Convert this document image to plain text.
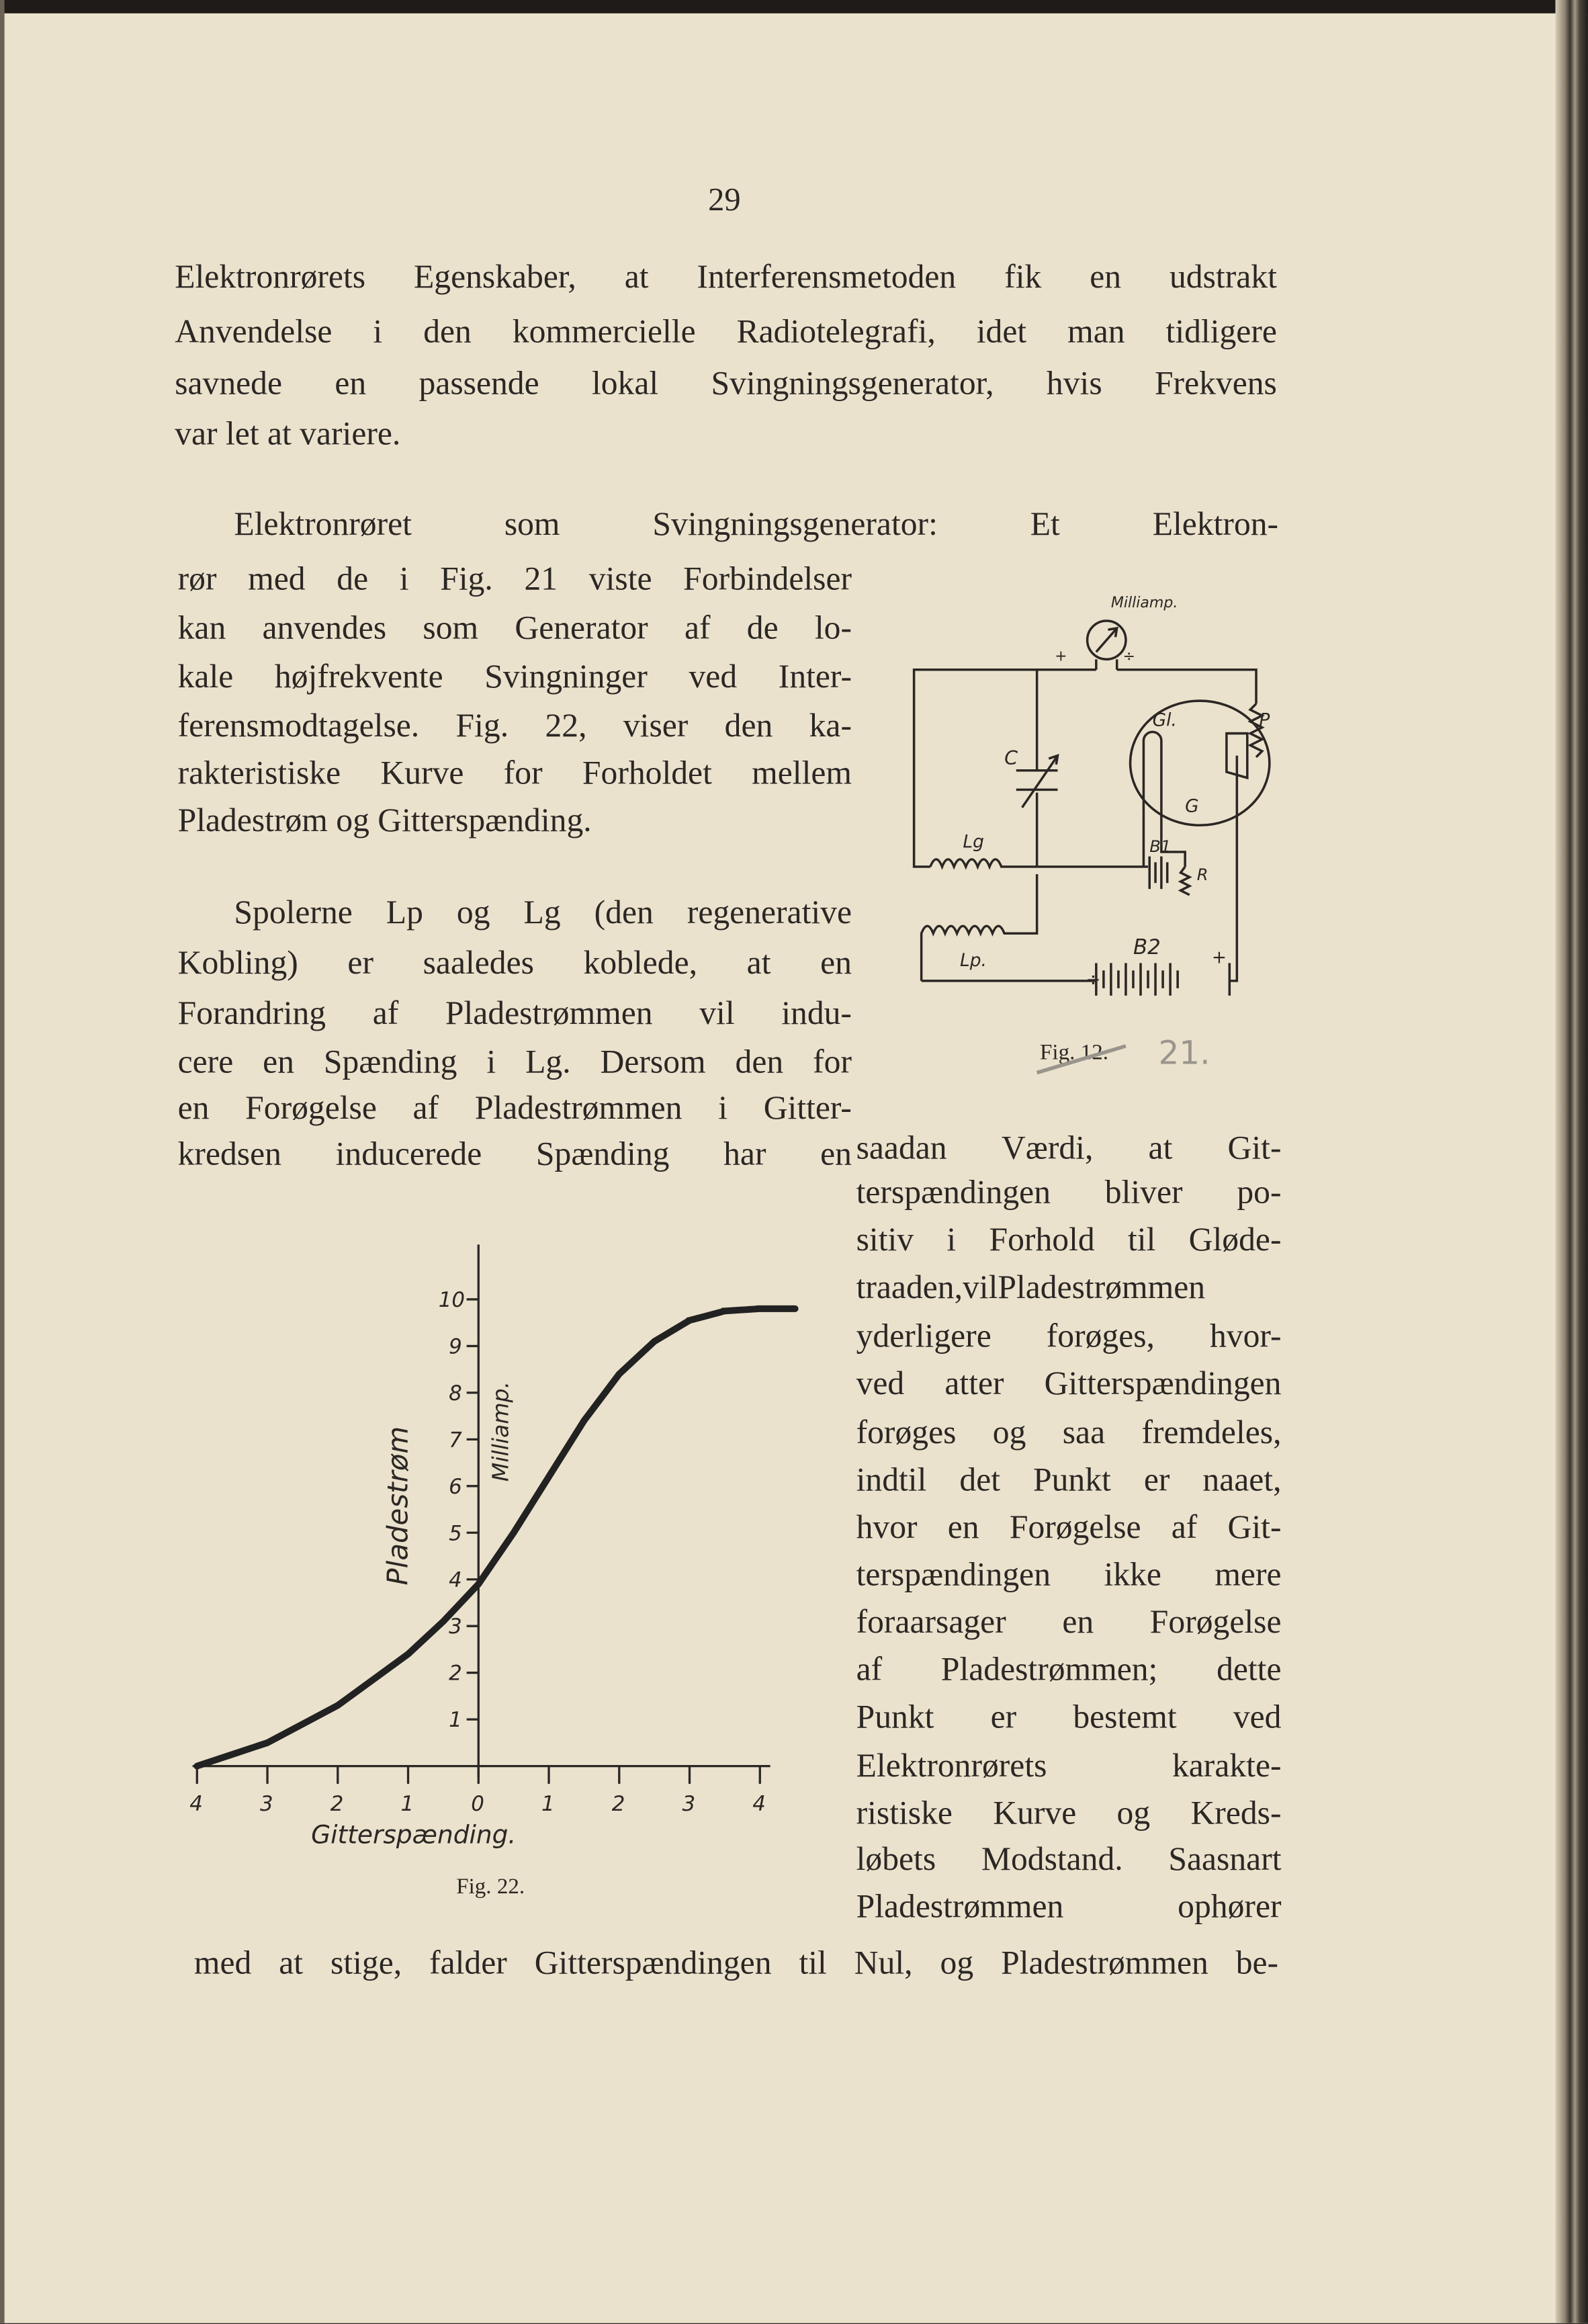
29
Elektronrørets Egenskaber, at Interferensmetoden fik en udstrakt
Anvendelse i den kommercielle Radiotelegrafi, idet man tidligere
savnede en passende lokal Svingningsgenerator, hvis Frekvens
var let at variere.
Elektronrøret som Svingningsgenerator: Et Elektron-
rør med de i Fig. 21 viste Forbindelser
kan anvendes som Generator af de lo-
kale højfrekvente Svingninger ved Inter-
ferensmodtagelse. Fig. 22, viser den ka-
rakteristiske Kurve for Forholdet mellem
Pladestrøm og Gitterspænding.
Spolerne Lp og Lg (den regenerative
Kobling) er saaledes koblede, at en
Forandring af Pladestrømmen vil indu-
cere en Spænding i Lg. Dersom den for
en Forøgelse af Pladestrømmen i Gitter-
kredsen inducerede Spænding har en saadan Værdi, at Git-
terspændingen bliver po-
sitiv i Forhold til Gløde-
traaden,vilPladestrømmen
yderligere forøges, hvor-
ved atter Gitterspændingen
forøges og saa fremdeles,
indtil det Punkt er naaet,
hvor en Forøgelse af Git-
terspændingen ikke mere
foraarsager en Forøgelse
af Pladestrømmen; dette
Punkt er bestemt ved
Elektronrørets karakte-
ristiske Kurve og Kreds-
løbets Modstand. Saasnart
Pladestrømmen ophører
med at stige, falder Gitterspændingen til Nul, og Pladestrømmen be-
Milliamp.
+	÷
C
Gl.
G
P
B1
R
Lg
Lp.
B2
÷
+
Fig. 12.	21.
4	3	2	1	0	1	2	3	4
1
2
3
4
5
6
7
8
9
10
Pladestrøm	Milliamp.
Gitterspænding.
Fig. 22.
